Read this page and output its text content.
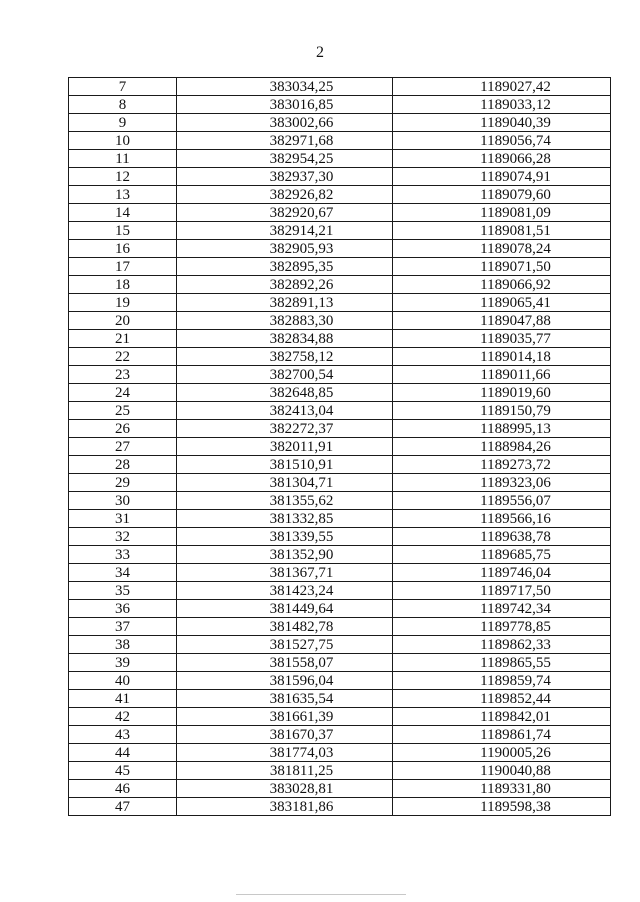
2
7	383034,25	1189027,42
8	383016,85	1189033,12
9	383002,66	1189040,39
10	382971,68	1189056,74
11	382954,25	1189066,28
12	382937,30	1189074,91
13	382926,82	1189079,60
14	382920,67	1189081,09
15	382914,21	1189081,51
16	382905,93	1189078,24
17	382895,35	1189071,50
18	382892,26	1189066,92
19	382891,13	1189065,41
20	382883,30	1189047,88
21	382834,88	1189035,77
22	382758,12	1189014,18
23	382700,54	1189011,66
24	382648,85	1189019,60
25	382413,04	1189150,79
26	382272,37	1188995,13
27	382011,91	1188984,26
28	381510,91	1189273,72
29	381304,71	1189323,06
30	381355,62	1189556,07
31	381332,85	1189566,16
32	381339,55	1189638,78
33	381352,90	1189685,75
34	381367,71	1189746,04
35	381423,24	1189717,50
36	381449,64	1189742,34
37	381482,78	1189778,85
38	381527,75	1189862,33
39	381558,07	1189865,55
40	381596,04	1189859,74
41	381635,54	1189852,44
42	381661,39	1189842,01
43	381670,37	1189861,74
44	381774,03	1190005,26
45	381811,25	1190040,88
46	383028,81	1189331,80
47	383181,86	1189598,38
